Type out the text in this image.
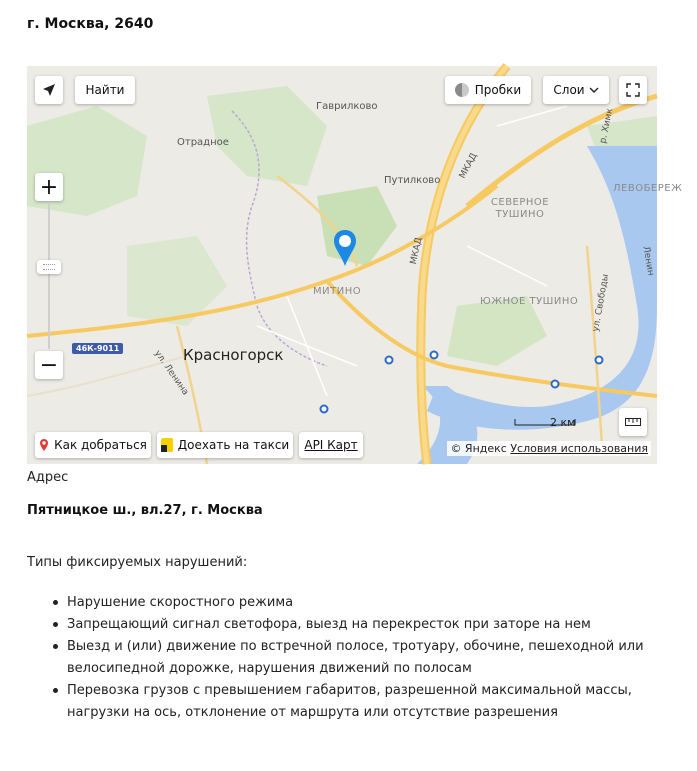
г. Москва, 2640
Гаврилково
Отрадное
Путилково
СЕВЕРНОЕ ТУШИНО
МИТИНО
ЮЖНОЕ ТУШИНО
Красногорск
МКАД
МКАД
ЛЕВОБЕРЕЖ
46К-9011
ул. Ленина
ул. Свободы
р. Химк
Ленин
Найти	Пробки	Слои
+
−
2 км
Как добраться	Доехать на такси	API Карт	© Яндекс Условия использования
Адрес
Пятницкое ш., вл.27, г. Москва
Типы фиксируемых нарушений:
Нарушение скоростного режима
Запрещающий сигнал светофора, выезд на перекресток при заторе на нем
Выезд и (или) движение по встречной полосе, тротуару, обочине, пешеходной или велосипедной дорожке, нарушения движений по полосам
Перевозка грузов с превышением габаритов, разрешенной максимальной массы, нагрузки на ось, отклонение от маршрута или отсутствие разрешения
